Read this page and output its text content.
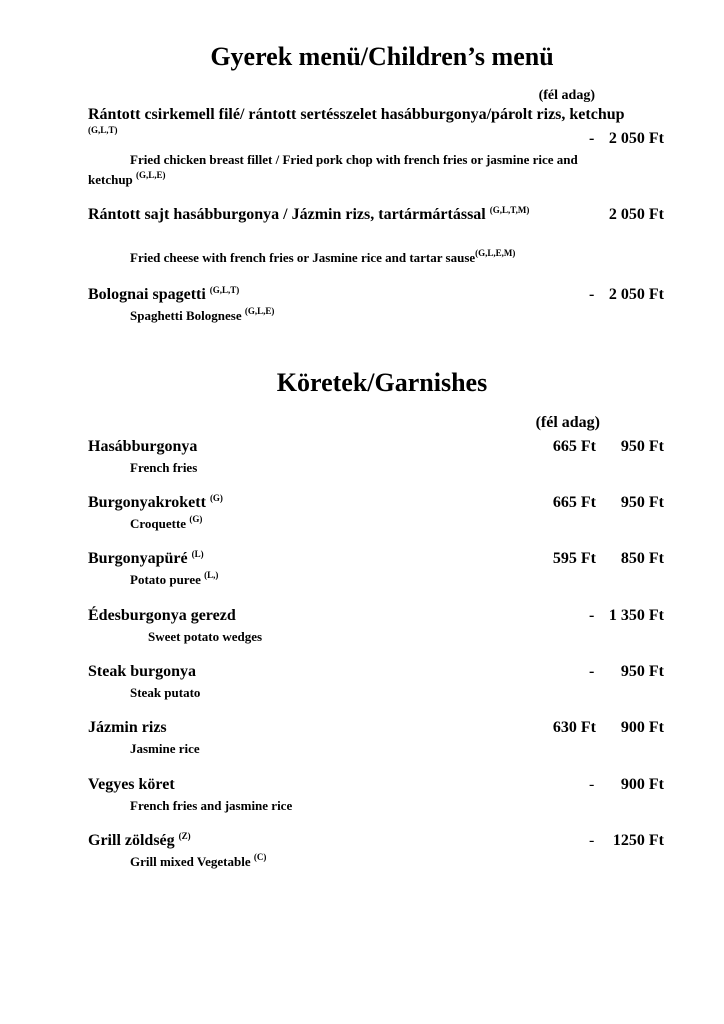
Gyerek menü/Children’s menü
(fél adag)
Rántott csirkemell filé/ rántott sertésszelet hasábburgonya/párolt rizs, ketchup
$^{(G,L,T)}$	- 2 050 Ft
Fried chicken breast fillet / Fried pork chop with french fries or jasmine rice and
ketchup $^{(G,L,E)}$
Rántott sajt hasábburgonya / Jázmin rizs, tartármártással $^{(G,L,T,M)}$	2 050 Ft
Fried cheese with french fries or Jasmine rice and tartar sause$^{(G,L,E,M)}$
Bolognai spagetti $^{(G,L,T)}$	- 2 050 Ft
Spaghetti Bolognese $^{(G,L,E)}$
Köretek/Garnishes
(fél adag)
Hasábburgonya	665 Ft 950 Ft
French fries
Burgonyakrokett $^{(G)}$	665 Ft 950 Ft
Croquette $^{(G)}$
Burgonyapüré $^{(L)}$	595 Ft 850 Ft
Potato puree $^{(L,)}$
Édesburgonya gerezd	- 1 350 Ft
Sweet potato wedges
Steak burgonya	- 950 Ft
Steak putato
Jázmin rizs	630 Ft 900 Ft
Jasmine rice
Vegyes köret	- 900 Ft
French fries and jasmine rice
Grill zöldség $^{(Z)}$	- 1250 Ft
Grill mixed Vegetable $^{(C)}$
